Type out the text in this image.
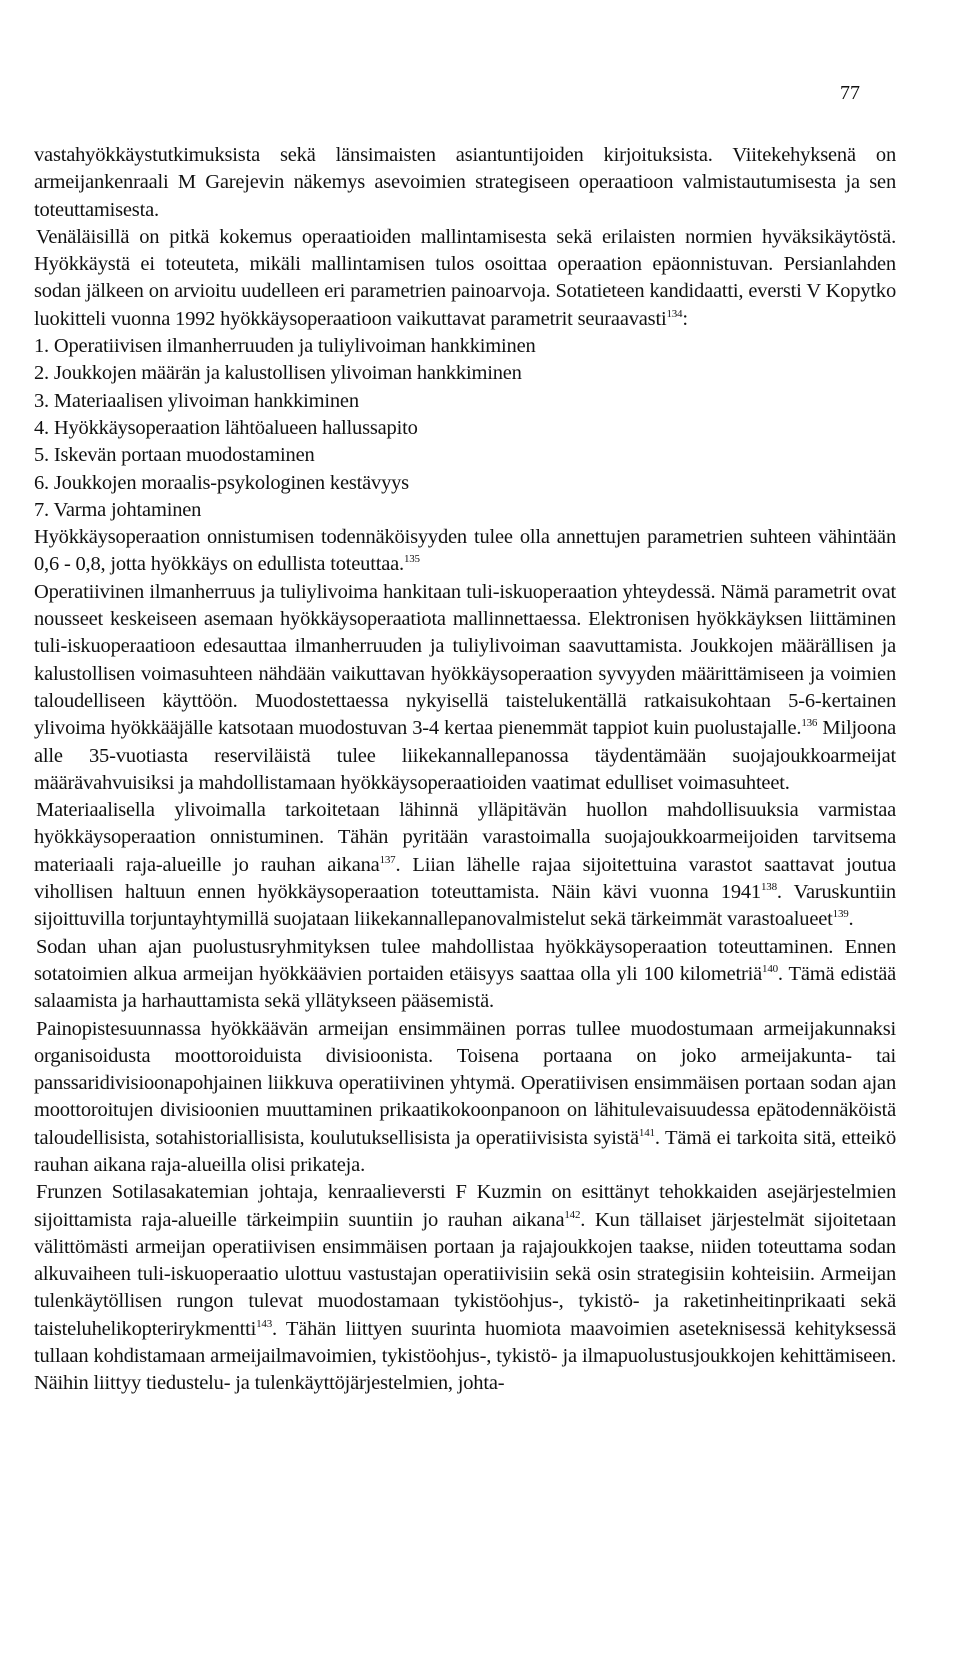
77

vastahyökkäystutkimuksista sekä länsimaisten asiantuntijoiden kirjoituksista. Viitekehyksenä on armeijankenraali M Garejevin näkemys asevoimien strategiseen operaatioon valmistautumisesta ja sen toteuttamisesta.

Venäläisillä on pitkä kokemus operaatioiden mallintamisesta sekä erilaisten normien hyväksikäytöstä. Hyökkäystä ei toteuteta, mikäli mallintamisen tulos osoittaa operaation epäonnistuvan. Persianlahden sodan jälkeen on arvioitu uudelleen eri parametrien painoarvoja. Sotatieteen kandidaatti, eversti V Kopytko luokitteli vuonna 1992 hyökkäysoperaatioon vaikuttavat parametrit seuraavasti$^{134}$:

1. Operatiivisen ilmanherruuden ja tuliylivoiman hankkiminen
2. Joukkojen määrän ja kalustollisen ylivoiman hankkiminen
3. Materiaalisen ylivoiman hankkiminen
4. Hyökkäysoperaation lähtöalueen hallussapito
5. Iskevän portaan muodostaminen
6. Joukkojen moraalis-psykologinen kestävyys
7. Varma johtaminen

Hyökkäysoperaation onnistumisen todennäköisyyden tulee olla annettujen parametrien suhteen vähintään 0,6 - 0,8, jotta hyökkäys on edullista toteuttaa.$^{135}$

Operatiivinen ilmanherruus ja tuliylivoima hankitaan tuli-iskuoperaation yhteydessä. Nämä parametrit ovat nousseet keskeiseen asemaan hyökkäysoperaatiota mallinnettaessa. Elektronisen hyökkäyksen liittäminen tuli-iskuoperaatioon edesauttaa ilmanherruuden ja tuliylivoiman saavuttamista. Joukkojen määrällisen ja kalustollisen voimasuhteen nähdään vaikuttavan hyökkäysoperaation syvyyden määrittämiseen ja voimien taloudelliseen käyttöön. Muodostettaessa nykyisellä taistelukentällä ratkaisukohtaan 5-6-kertainen ylivoima hyökkääjälle katsotaan muodostuvan 3-4 kertaa pienemmät tappiot kuin puolustajalle.$^{136}$ Miljoona alle 35-vuotiasta reserviläistä tulee liikekannallepanossa täydentämään suojajoukkoarmeijat määrävahvuisiksi ja mahdollistamaan hyökkäysoperaatioiden vaatimat edulliset voimasuhteet.

Materiaalisella ylivoimalla tarkoitetaan lähinnä ylläpitävän huollon mahdollisuuksia varmistaa hyökkäysoperaation onnistuminen. Tähän pyritään varastoimalla suojajoukkoarmeijoiden tarvitsema materiaali raja-alueille jo rauhan aikana$^{137}$. Liian lähelle rajaa sijoitettuina varastot saattavat joutua vihollisen haltuun ennen hyökkäysoperaation toteuttamista. Näin kävi vuonna 1941$^{138}$. Varuskuntiin sijoittuvilla torjuntayhtymillä suojataan liikekannallepanovalmistelut sekä tärkeimmät varastoalueet$^{139}$.

Sodan uhan ajan puolustusryhmityksen tulee mahdollistaa hyökkäysoperaation toteuttaminen. Ennen sotatoimien alkua armeijan hyökkäävien portaiden etäisyys saattaa olla yli 100 kilometriä$^{140}$. Tämä edistää salaamista ja harhauttamista sekä yllätykseen pääsemistä.

Painopistesuunnassa hyökkäävän armeijan ensimmäinen porras tullee muodostumaan armeijakunnaksi organisoidusta moottoroiduista divisioonista. Toisena portaana on joko armeijakunta- tai panssaridivisioonapohjainen liikkuva operatiivinen yhtymä. Operatiivisen ensimmäisen portaan sodan ajan moottoroitujen divisioonien muuttaminen prikaatikokoonpanoon on lähitulevaisuudessa epätodennäköistä taloudellisista, sotahistoriallisista, koulutuksellisista ja operatiivisista syistä$^{141}$. Tämä ei tarkoita sitä, etteikö rauhan aikana raja-alueilla olisi prikateja.

Frunzen Sotilasakatemian johtaja, kenraalieversti F Kuzmin on esittänyt tehokkaiden asejärjestelmien sijoittamista raja-alueille tärkeimpiin suuntiin jo rauhan aikana$^{142}$. Kun tällaiset järjestelmät sijoitetaan välittömästi armeijan operatiivisen ensimmäisen portaan ja rajajoukkojen taakse, niiden toteuttama sodan alkuvaiheen tuli-iskuoperaatio ulottuu vastustajan operatiivisiin sekä osin strategisiin kohteisiin. Armeijan tulenkäytöllisen rungon tulevat muodostamaan tykistöohjus-, tykistö- ja raketinheitinprikaati sekä taisteluhelikopterirykmentti$^{143}$. Tähän liittyen suurinta huomiota maavoimien aseteknisessä kehityksessä tullaan kohdistamaan armeijailmavoimien, tykistöohjus-, tykistö- ja ilmapuolustusjoukkojen kehittämiseen. Näihin liittyy tiedustelu- ja tulenkäyttöjärjestelmien, johta-
